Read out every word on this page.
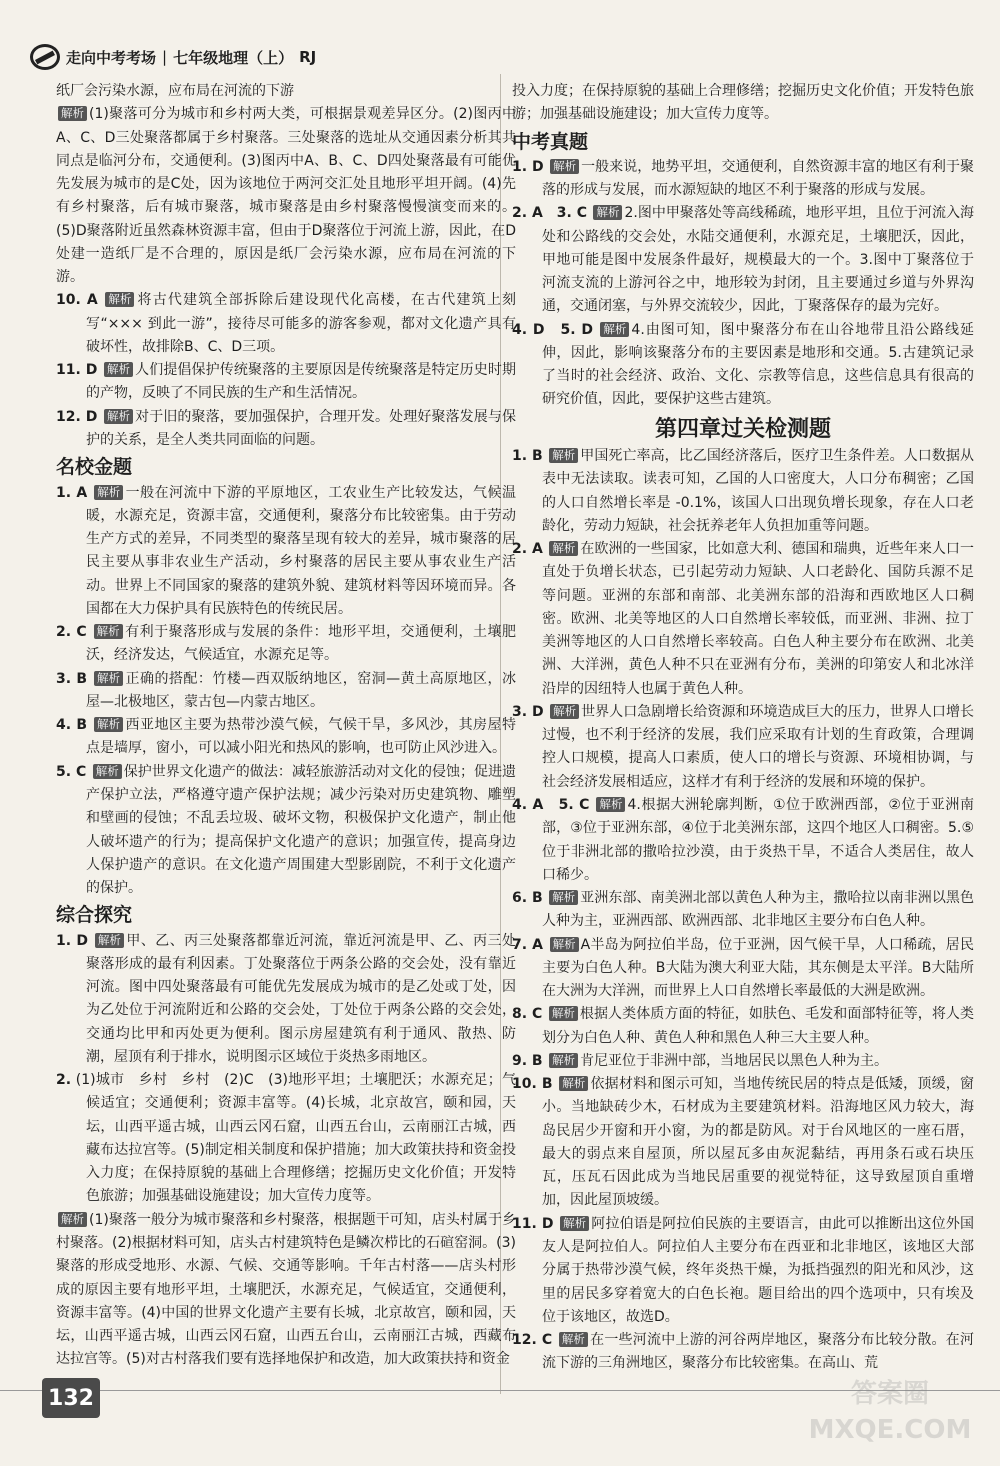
走向中考考场 | 七年级地理（上） RJ

纸厂会污染水源，应布局在河流的下游

解析 (1)聚落可分为城市和乡村两大类，可根据景观差异区分。(2)图丙中A、C、D三处聚落都属于乡村聚落。三处聚落的选址从交通因素分析其共同点是临河分布，交通便利。(3)图丙中A、B、C、D四处聚落最有可能优先发展为城市的是C处，因为该地位于两河交汇处且地形平坦开阔。(4)先有乡村聚落，后有城市聚落，城市聚落是由乡村聚落慢慢演变而来的。(5)D聚落附近虽然森林资源丰富，但由于D聚落位于河流上游，因此，在D处建一造纸厂是不合理的，原因是纸厂会污染水源，应布局在河流的下游。

10. A 解析 将古代建筑全部拆除后建设现代化高楼，在古代建筑上刻写“××× 到此一游”，接待尽可能多的游客参观，都对文化遗产具有破坏性，故排除B、C、D三项。

11. D 解析 人们提倡保护传统聚落的主要原因是传统聚落是特定历史时期的产物，反映了不同民族的生产和生活情况。

12. D 解析 对于旧的聚落，要加强保护，合理开发。处理好聚落发展与保护的关系，是全人类共同面临的问题。

名校金题

1. A 解析 一般在河流中下游的平原地区，工农业生产比较发达，气候温暖，水源充足，资源丰富，交通便利，聚落分布比较密集。由于劳动生产方式的差异，不同类型的聚落呈现有较大的差异，城市聚落的居民主要从事非农业生产活动，乡村聚落的居民主要从事农业生产活动。世界上不同国家的聚落的建筑外貌、建筑材料等因环境而异。各国都在大力保护具有民族特色的传统民居。

2. C 解析 有利于聚落形成与发展的条件：地形平坦，交通便利，土壤肥沃，经济发达，气候适宜，水源充足等。

3. B 解析 正确的搭配：竹楼—西双版纳地区，窑洞—黄土高原地区，冰屋—北极地区，蒙古包—内蒙古地区。

4. B 解析 西亚地区主要为热带沙漠气候，气候干旱，多风沙，其房屋特点是墙厚，窗小，可以减小阳光和热风的影响，也可防止风沙进入。

5. C 解析 保护世界文化遗产的做法：减轻旅游活动对文化的侵蚀；促进遗产保护立法，严格遵守遗产保护法规；减少污染对历史建筑物、雕塑和壁画的侵蚀；不乱丢垃圾、破坏文物，积极保护文化遗产，制止他人破坏遗产的行为；提高保护文化遗产的意识；加强宣传，提高身边人保护遗产的意识。在文化遗产周围建大型影剧院，不利于文化遗产的保护。

综合探究

1. D 解析 甲、乙、丙三处聚落都靠近河流，靠近河流是甲、乙、丙三处聚落形成的最有利因素。丁处聚落位于两条公路的交会处，没有靠近河流。图中四处聚落最有可能优先发展成为城市的是乙处或丁处，因为乙处位于河流附近和公路的交会处，丁处位于两条公路的交会处，交通均比甲和丙处更为便利。图示房屋建筑有利于通风、散热、防潮，屋顶有利于排水，说明图示区域位于炎热多雨地区。

2. (1)城市　乡村　乡村　(2)C　(3)地形平坦；土壤肥沃；水源充足；气候适宜；交通便利；资源丰富等。(4)长城，北京故宫，颐和园，天坛，山西平遥古城，山西云冈石窟，山西五台山，云南丽江古城，西藏布达拉宫等。(5)制定相关制度和保护措施；加大政策扶持和资金投入力度；在保持原貌的基础上合理修缮；挖掘历史文化价值；开发特色旅游；加强基础设施建设；加大宣传力度等。

解析 (1)聚落一般分为城市聚落和乡村聚落，根据题干可知，店头村属于乡村聚落。(2)根据材料可知，店头古村建筑特色是鳞次栉比的石碹窑洞。(3)聚落的形成受地形、水源、气候、交通等影响。千年古村落——店头村形成的原因主要有地形平坦，土壤肥沃，水源充足，气候适宜，交通便利，资源丰富等。(4)中国的世界文化遗产主要有长城，北京故宫，颐和园，天坛，山西平遥古城，山西云冈石窟，山西五台山，云南丽江古城，西藏布达拉宫等。(5)对古村落我们要有选择地保护和改造，加大政策扶持和资金

投入力度；在保持原貌的基础上合理修缮；挖掘历史文化价值；开发特色旅游；加强基础设施建设；加大宣传力度等。

中考真题

1. D 解析 一般来说，地势平坦，交通便利，自然资源丰富的地区有利于聚落的形成与发展，而水源短缺的地区不利于聚落的形成与发展。

2. A　3. C 解析 2.图中甲聚落处等高线稀疏，地形平坦，且位于河流入海处和公路线的交会处，水陆交通便利，水源充足，土壤肥沃，因此，甲地可能是图中发展条件最好，规模最大的一个。3.图中丁聚落位于河流支流的上游河谷之中，地形较为封闭，且主要通过乡道与外界沟通，交通闭塞，与外界交流较少，因此，丁聚落保存的最为完好。

4. D　5. D 解析 4.由图可知，图中聚落分布在山谷地带且沿公路线延伸，因此，影响该聚落分布的主要因素是地形和交通。5.古建筑记录了当时的社会经济、政治、文化、宗教等信息，这些信息具有很高的研究价值，因此，要保护这些古建筑。

第四章过关检测题

1. B 解析 甲国死亡率高，比乙国经济落后，医疗卫生条件差。人口数据从表中无法读取。读表可知，乙国的人口密度大，人口分布稠密；乙国的人口自然增长率是 -0.1%，该国人口出现负增长现象，存在人口老龄化，劳动力短缺，社会抚养老年人负担加重等问题。

2. A 解析 在欧洲的一些国家，比如意大利、德国和瑞典，近些年来人口一直处于负增长状态，已引起劳动力短缺、人口老龄化、国防兵源不足等问题。亚洲的东部和南部、北美洲东部的沿海和西欧地区人口稠密。欧洲、北美等地区的人口自然增长率较低，而亚洲、非洲、拉丁美洲等地区的人口自然增长率较高。白色人种主要分布在欧洲、北美洲、大洋洲，黄色人种不只在亚洲有分布，美洲的印第安人和北冰洋沿岸的因纽特人也属于黄色人种。

3. D 解析 世界人口急剧增长给资源和环境造成巨大的压力，世界人口增长过慢，也不利于经济的发展，我们应采取有计划的生育政策，合理调控人口规模，提高人口素质，使人口的增长与资源、环境相协调，与社会经济发展相适应，这样才有利于经济的发展和环境的保护。

4. A　5. C 解析 4.根据大洲轮廓判断，①位于欧洲西部，②位于亚洲南部，③位于亚洲东部，④位于北美洲东部，这四个地区人口稠密。5.⑤位于非洲北部的撒哈拉沙漠，由于炎热干旱，不适合人类居住，故人口稀少。

6. B 解析 亚洲东部、南美洲北部以黄色人种为主，撒哈拉以南非洲以黑色人种为主，亚洲西部、欧洲西部、北非地区主要分布白色人种。

7. A 解析 A半岛为阿拉伯半岛，位于亚洲，因气候干旱，人口稀疏，居民主要为白色人种。B大陆为澳大利亚大陆，其东侧是太平洋。B大陆所在大洲为大洋洲，而世界上人口自然增长率最低的大洲是欧洲。

8. C 解析 根据人类体质方面的特征，如肤色、毛发和面部特征等，将人类划分为白色人种、黄色人种和黑色人种三大主要人种。

9. B 解析 肯尼亚位于非洲中部，当地居民以黑色人种为主。

10. B 解析 依据材料和图示可知，当地传统民居的特点是低矮，顶缓，窗小。当地缺砖少木，石材成为主要建筑材料。沿海地区风力较大，海岛民居少开窗和开小窗，为的都是防风。对于台风地区的一座石厝，最大的弱点来自屋顶，所以屋瓦多由灰泥黏结，再用条石或石块压瓦，压瓦石因此成为当地民居重要的视觉特征，这导致屋顶自重增加，因此屋顶坡缓。

11. D 解析 阿拉伯语是阿拉伯民族的主要语言，由此可以推断出这位外国友人是阿拉伯人。阿拉伯人主要分布在西亚和北非地区，该地区大部分属于热带沙漠气候，终年炎热干燥，为抵挡强烈的阳光和风沙，这里的居民多穿着宽大的白色长袍。题目给出的四个选项中，只有埃及位于该地区，故选D。

12. C 解析 在一些河流中上游的河谷两岸地区，聚落分布比较分散。在河流下游的三角洲地区，聚落分布比较密集。在高山、荒

132	答案圈 MXQE.COM
